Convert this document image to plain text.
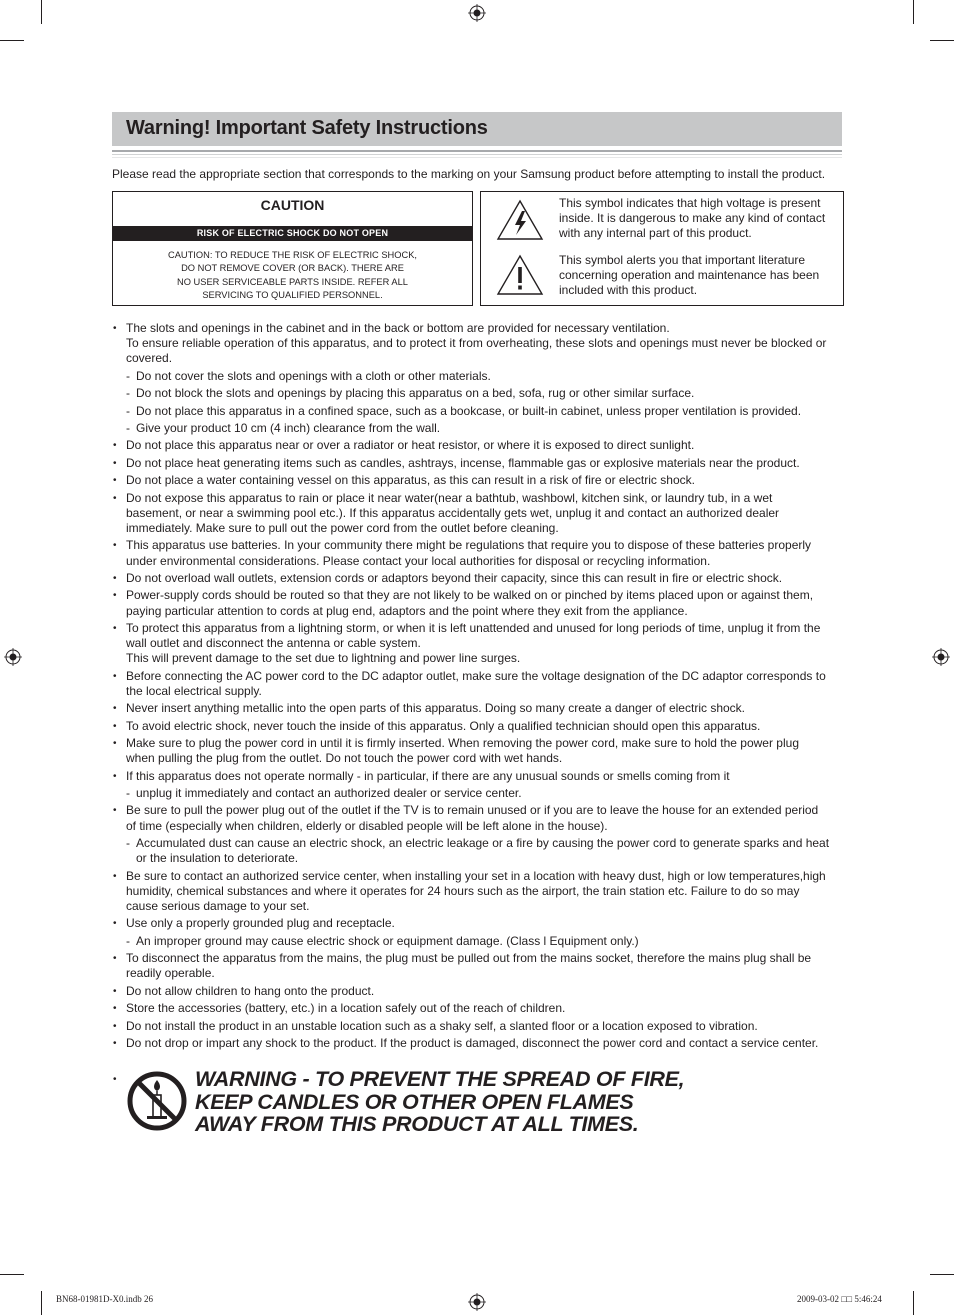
Warning! Important Safety Instructions
Please read the appropriate section that corresponds to the marking on your Samsung product before attempting to install the product.
CAUTION
RISK OF ELECTRIC SHOCK DO NOT OPEN
CAUTION: TO REDUCE THE RISK OF ELECTRIC SHOCK,
DO NOT REMOVE COVER (OR BACK). THERE ARE
NO USER SERVICEABLE PARTS INSIDE. REFER ALL
SERVICING TO QUALIFIED PERSONNEL.
This symbol indicates that high voltage is present
inside. It is dangerous to make any kind of contact
with any internal part of this product.
This symbol alerts you that important literature
concerning operation and maintenance has been
included with this product.
• The slots and openings in the cabinet and in the back or bottom are provided for necessary ventilation.
To ensure reliable operation of this apparatus, and to protect it from overheating, these slots and openings must never be blocked or
covered.
- Do not cover the slots and openings with a cloth or other materials.
- Do not block the slots and openings by placing this apparatus on a bed, sofa, rug or other similar surface.
- Do not place this apparatus in a confined space, such as a bookcase, or built-in cabinet, unless proper ventilation is provided.
- Give your product 10 cm (4 inch) clearance from the wall.
• Do not place this apparatus near or over a radiator or heat resistor, or where it is exposed to direct sunlight.
• Do not place heat generating items such as candles, ashtrays, incense, flammable gas or explosive materials near the product.
• Do not place a water containing vessel on this apparatus, as this can result in a risk of fire or electric shock.
• Do not expose this apparatus to rain or place it near water(near a bathtub, washbowl, kitchen sink, or laundry tub, in a wet
basement, or near a swimming pool etc.). If this apparatus accidentally gets wet, unplug it and contact an authorized dealer
immediately. Make sure to pull out the power cord from the outlet before cleaning.
• This apparatus use batteries. In your community there might be regulations that require you to dispose of these batteries properly
under environmental considerations. Please contact your local authorities for disposal or recycling information.
• Do not overload wall outlets, extension cords or adaptors beyond their capacity, since this can result in fire or electric shock.
• Power-supply cords should be routed so that they are not likely to be walked on or pinched by items placed upon or against them,
paying particular attention to cords at plug end, adaptors and the point where they exit from the appliance.
• To protect this apparatus from a lightning storm, or when it is left unattended and unused for long periods of time, unplug it from the
wall outlet and disconnect the antenna or cable system.
This will prevent damage to the set due to lightning and power line surges.
• Before connecting the AC power cord to the DC adaptor outlet, make sure the voltage designation of the DC adaptor corresponds to
the local electrical supply.
• Never insert anything metallic into the open parts of this apparatus. Doing so many create a danger of electric shock.
• To avoid electric shock, never touch the inside of this apparatus. Only a qualified technician should open this apparatus.
• Make sure to plug the power cord in until it is firmly inserted. When removing the power cord, make sure to hold the power plug
when pulling the plug from the outlet. Do not touch the power cord with wet hands.
• If this apparatus does not operate normally - in particular, if there are any unusual sounds or smells coming from it
- unplug it immediately and contact an authorized dealer or service center.
• Be sure to pull the power plug out of the outlet if the TV is to remain unused or if you are to leave the house for an extended period
of time (especially when children, elderly or disabled people will be left alone in the house).
- Accumulated dust can cause an electric shock, an electric leakage or a fire by causing the power cord to generate sparks and heat
or the insulation to deteriorate.
• Be sure to contact an authorized service center, when installing your set in a location with heavy dust, high or low temperatures,high
humidity, chemical substances and where it operates for 24 hours such as the airport, the train station etc. Failure to do so may
cause serious damage to your set.
• Use only a properly grounded plug and receptacle.
- An improper ground may cause electric shock or equipment damage. (Class l Equipment only.)
• To disconnect the apparatus from the mains, the plug must be pulled out from the mains socket, therefore the mains plug shall be
readily operable.
• Do not allow children to hang onto the product.
• Store the accessories (battery, etc.) in a location safely out of the reach of children.
• Do not install the product in an unstable location such as a shaky self, a slanted floor or a location exposed to vibration.
• Do not drop or impart any shock to the product. If the product is damaged, disconnect the power cord and contact a service center.
•	WARNING - TO PREVENT THE SPREAD OF FIRE,
KEEP CANDLES OR OTHER OPEN FLAMES
AWAY FROM THIS PRODUCT AT ALL TIMES.
BN68-01981D-X0.indb 26	2009-03-02 □□ 5:46:24
